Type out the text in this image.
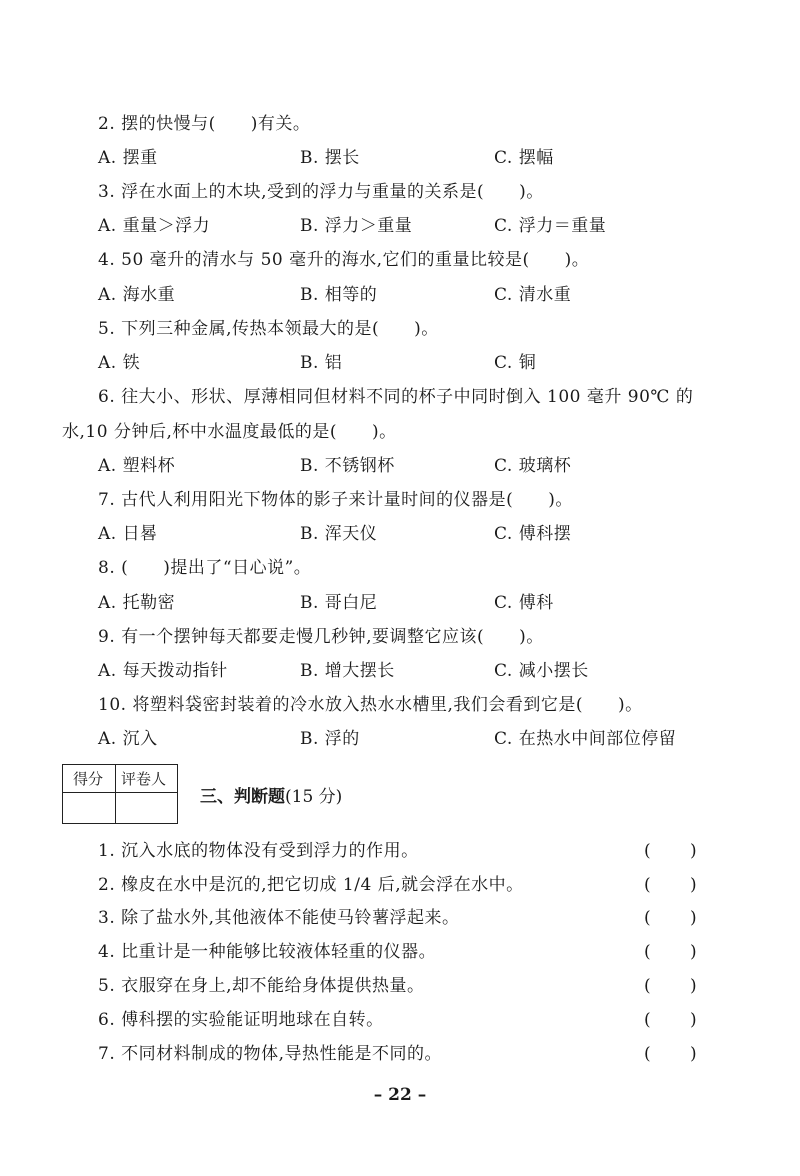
2. 摆的快慢与(　　)有关。
A. 摆重	B. 摆长	C. 摆幅
3. 浮在水面上的木块,受到的浮力与重量的关系是(　　)。
A. 重量＞浮力	B. 浮力＞重量	C. 浮力＝重量
4. 50 毫升的清水与 50 毫升的海水,它们的重量比较是(　　)。
A. 海水重	B. 相等的	C. 清水重
5. 下列三种金属,传热本领最大的是(　　)。
A. 铁	B. 铝	C. 铜
6. 往大小、形状、厚薄相同但材料不同的杯子中同时倒入 100 毫升 90℃ 的
水,10 分钟后,杯中水温度最低的是(　　)。
A. 塑料杯	B. 不锈钢杯	C. 玻璃杯
7. 古代人利用阳光下物体的影子来计量时间的仪器是(　　)。
A. 日晷	B. 浑天仪	C. 傅科摆
8. (　　)提出了“日心说”。
A. 托勒密	B. 哥白尼	C. 傅科
9. 有一个摆钟每天都要走慢几秒钟,要调整它应该(　　)。
A. 每天拨动指针	B. 增大摆长	C. 减小摆长
10. 将塑料袋密封装着的冷水放入热水水槽里,我们会看到它是(　　)。
A. 沉入	B. 浮的	C. 在热水中间部位停留
得分 评卷人
三、判断题(15 分)
1. 沉入水底的物体没有受到浮力的作用。	( )
2. 橡皮在水中是沉的,把它切成 1/4 后,就会浮在水中。	( )
3. 除了盐水外,其他液体不能使马铃薯浮起来。	( )
4. 比重计是一种能够比较液体轻重的仪器。	( )
5. 衣服穿在身上,却不能给身体提供热量。	( )
6. 傅科摆的实验能证明地球在自转。	( )
7. 不同材料制成的物体,导热性能是不同的。	( )
– 22 –
